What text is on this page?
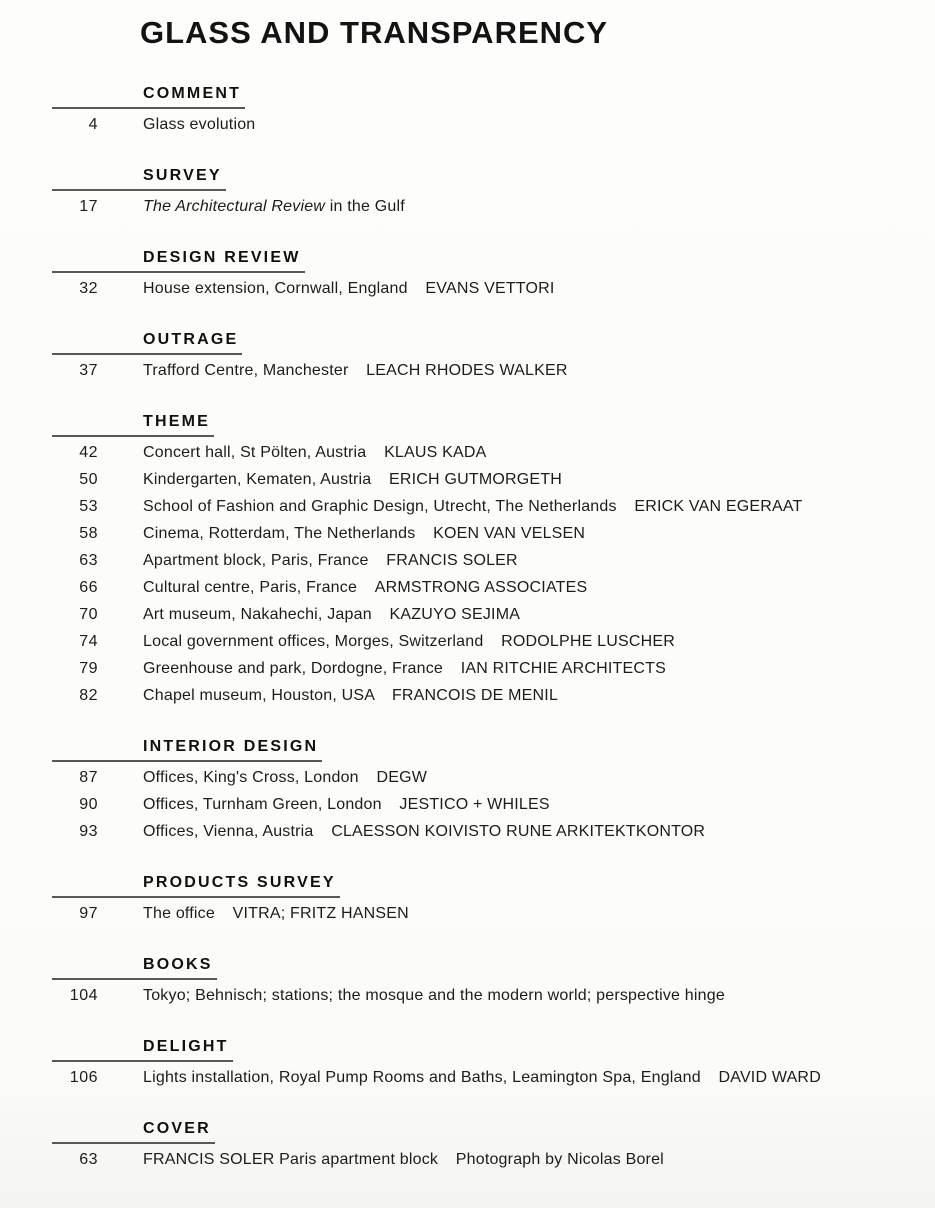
GLASS AND TRANSPARENCY
COMMENT
4	Glass evolution
SURVEY
17	The Architectural Review in the Gulf
DESIGN REVIEW
32	House extension, Cornwall, England EVANS VETTORI
OUTRAGE
37	Trafford Centre, Manchester LEACH RHODES WALKER
THEME
42	Concert hall, St Pölten, Austria KLAUS KADA
50	Kindergarten, Kematen, Austria ERICH GUTMORGETH
53	School of Fashion and Graphic Design, Utrecht, The Netherlands ERICK VAN EGERAAT
58	Cinema, Rotterdam, The Netherlands KOEN VAN VELSEN
63	Apartment block, Paris, France FRANCIS SOLER
66	Cultural centre, Paris, France ARMSTRONG ASSOCIATES
70	Art museum, Nakahechi, Japan KAZUYO SEJIMA
74	Local government offices, Morges, Switzerland RODOLPHE LUSCHER
79	Greenhouse and park, Dordogne, France IAN RITCHIE ARCHITECTS
82	Chapel museum, Houston, USA FRANCOIS DE MENIL
INTERIOR DESIGN
87	Offices, King's Cross, London DEGW
90	Offices, Turnham Green, London JESTICO + WHILES
93	Offices, Vienna, Austria CLAESSON KOIVISTO RUNE ARKITEKTKONTOR
PRODUCTS SURVEY
97	The office VITRA; FRITZ HANSEN
BOOKS
104	Tokyo; Behnisch; stations; the mosque and the modern world; perspective hinge
DELIGHT
106	Lights installation, Royal Pump Rooms and Baths, Leamington Spa, England DAVID WARD
COVER
63	FRANCIS SOLER Paris apartment block Photograph by Nicolas Borel
